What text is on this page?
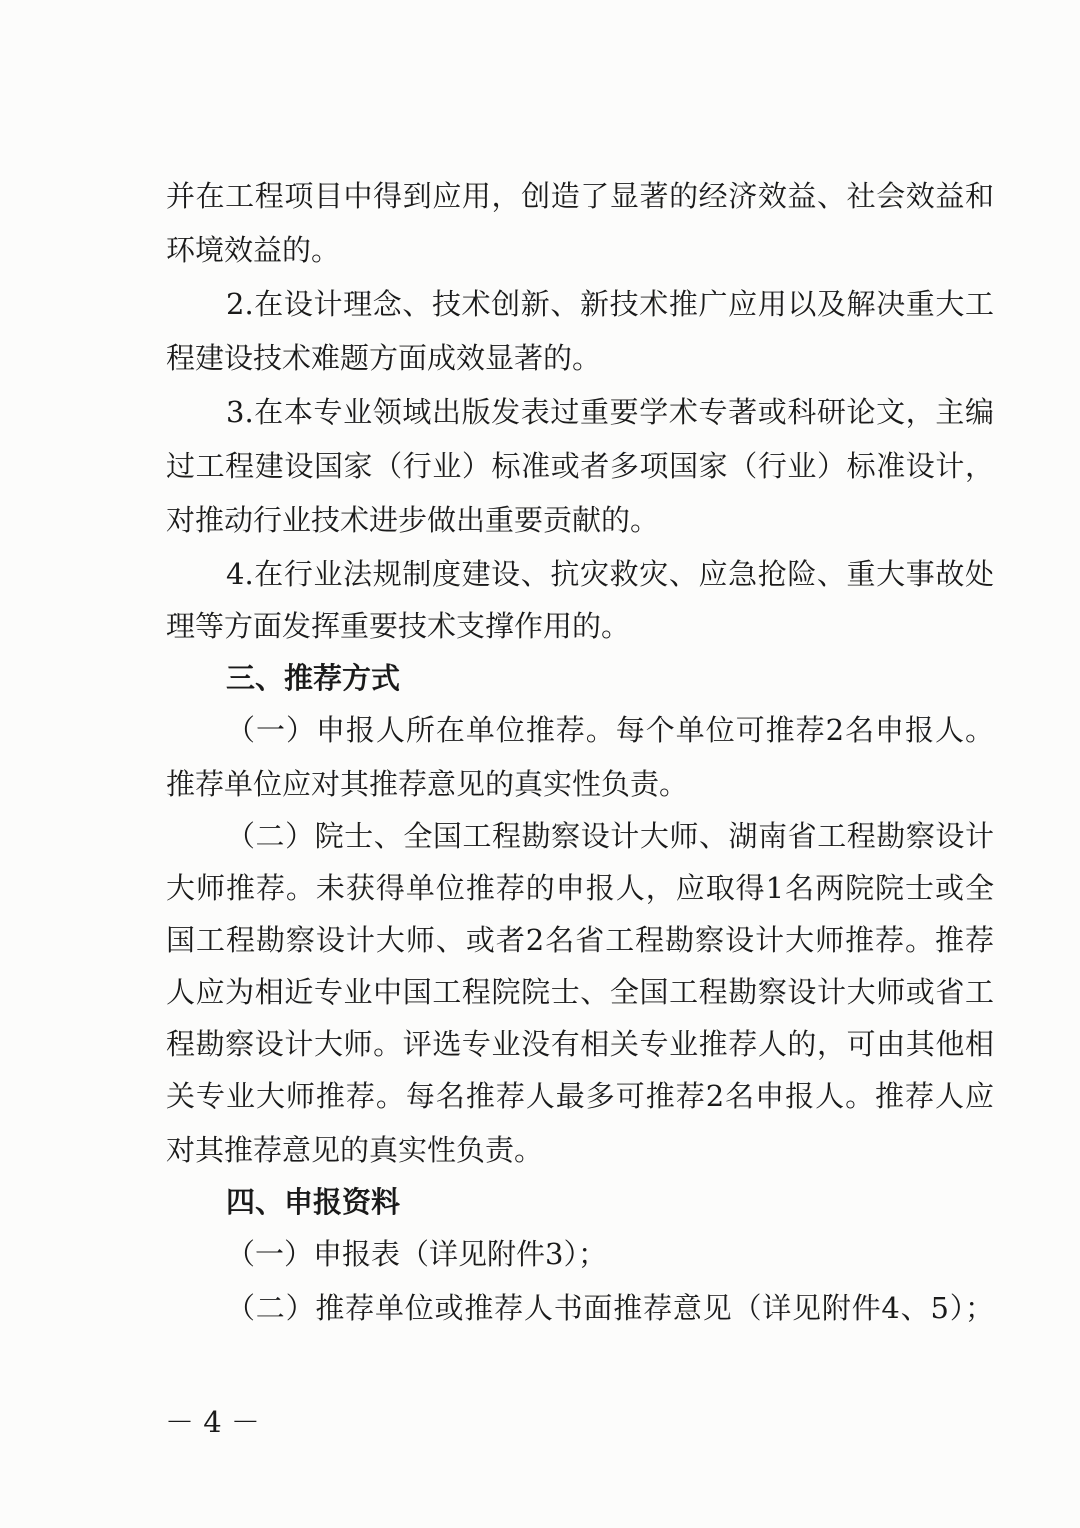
并在工程项目中得到应用，创造了显著的经济效益、社会效益和
环境效益的。
2.在设计理念、技术创新、新技术推广应用以及解决重大工
程建设技术难题方面成效显著的。
3.在本专业领域出版发表过重要学术专著或科研论文，主编
过工程建设国家（行业）标准或者多项国家（行业）标准设计，
对推动行业技术进步做出重要贡献的。
4.在行业法规制度建设、抗灾救灾、应急抢险、重大事故处
理等方面发挥重要技术支撑作用的。
三、推荐方式
（一）申报人所在单位推荐。每个单位可推荐2名申报人。
推荐单位应对其推荐意见的真实性负责。
（二）院士、全国工程勘察设计大师、湖南省工程勘察设计
大师推荐。未获得单位推荐的申报人，应取得1名两院院士或全
国工程勘察设计大师、或者2名省工程勘察设计大师推荐。推荐
人应为相近专业中国工程院院士、全国工程勘察设计大师或省工
程勘察设计大师。评选专业没有相关专业推荐人的，可由其他相
关专业大师推荐。每名推荐人最多可推荐2名申报人。推荐人应
对其推荐意见的真实性负责。
四、申报资料
（一）申报表（详见附件3）；
（二）推荐单位或推荐人书面推荐意见（详见附件4、5）；
－ 4 －
